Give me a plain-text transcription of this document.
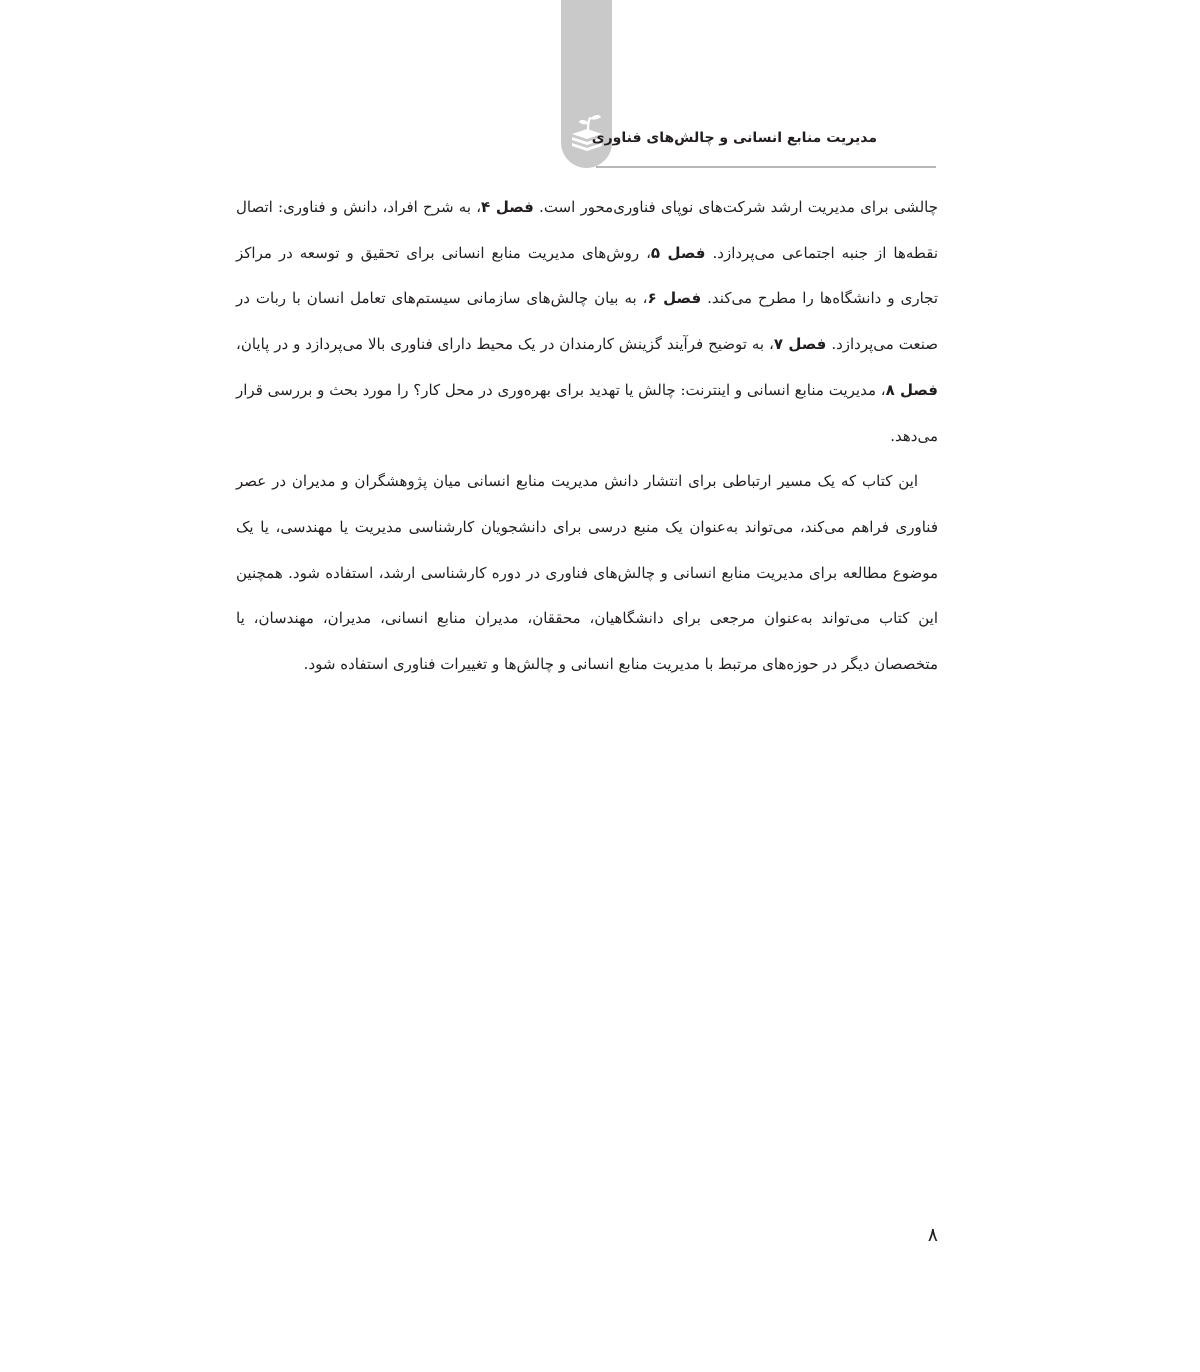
مدیریت منابع انسانی و چالش‌های فناوری

چالشی برای مدیریت ارشد شرکت‌های نوپای فناوری‌محور است. فصل ۴، به شرح افراد، دانش و فناوری: اتصال نقطه‌ها از جنبه اجتماعی می‌پردازد. فصل ۵، روش‌های مدیریت منابع انسانی برای تحقیق و توسعه در مراکز تجاری و دانشگاه‌ها را مطرح می‌کند. فصل ۶، به بیان چالش‌های سازمانی سیستم‌های تعامل انسان با ربات در صنعت می‌پردازد. فصل ۷، به توضیح فرآیند گزینش کارمندان در یک محیط دارای فناوری بالا می‌پردازد و در پایان، فصل ۸، مدیریت منابع انسانی و اینترنت: چالش یا تهدید برای بهره‌وری در محل کار؟ را مورد بحث و بررسی قرار می‌دهد.

این کتاب که یک مسیر ارتباطی برای انتشار دانش مدیریت منابع انسانی میان پژوهشگران و مدیران در عصر فناوری فراهم می‌کند، می‌تواند به‌عنوان یک منبع درسی برای دانشجویان کارشناسی مدیریت یا مهندسی، یا یک موضوع مطالعه برای مدیریت منابع انسانی و چالش‌های فناوری در دوره کارشناسی ارشد، استفاده شود. همچنین این کتاب می‌تواند به‌عنوان مرجعی برای دانشگاهیان، محققان، مدیران منابع انسانی، مدیران، مهندسان، یا متخصصان دیگر در حوزه‌های مرتبط با مدیریت منابع انسانی و چالش‌ها و تغییرات فناوری استفاده شود.

۸
